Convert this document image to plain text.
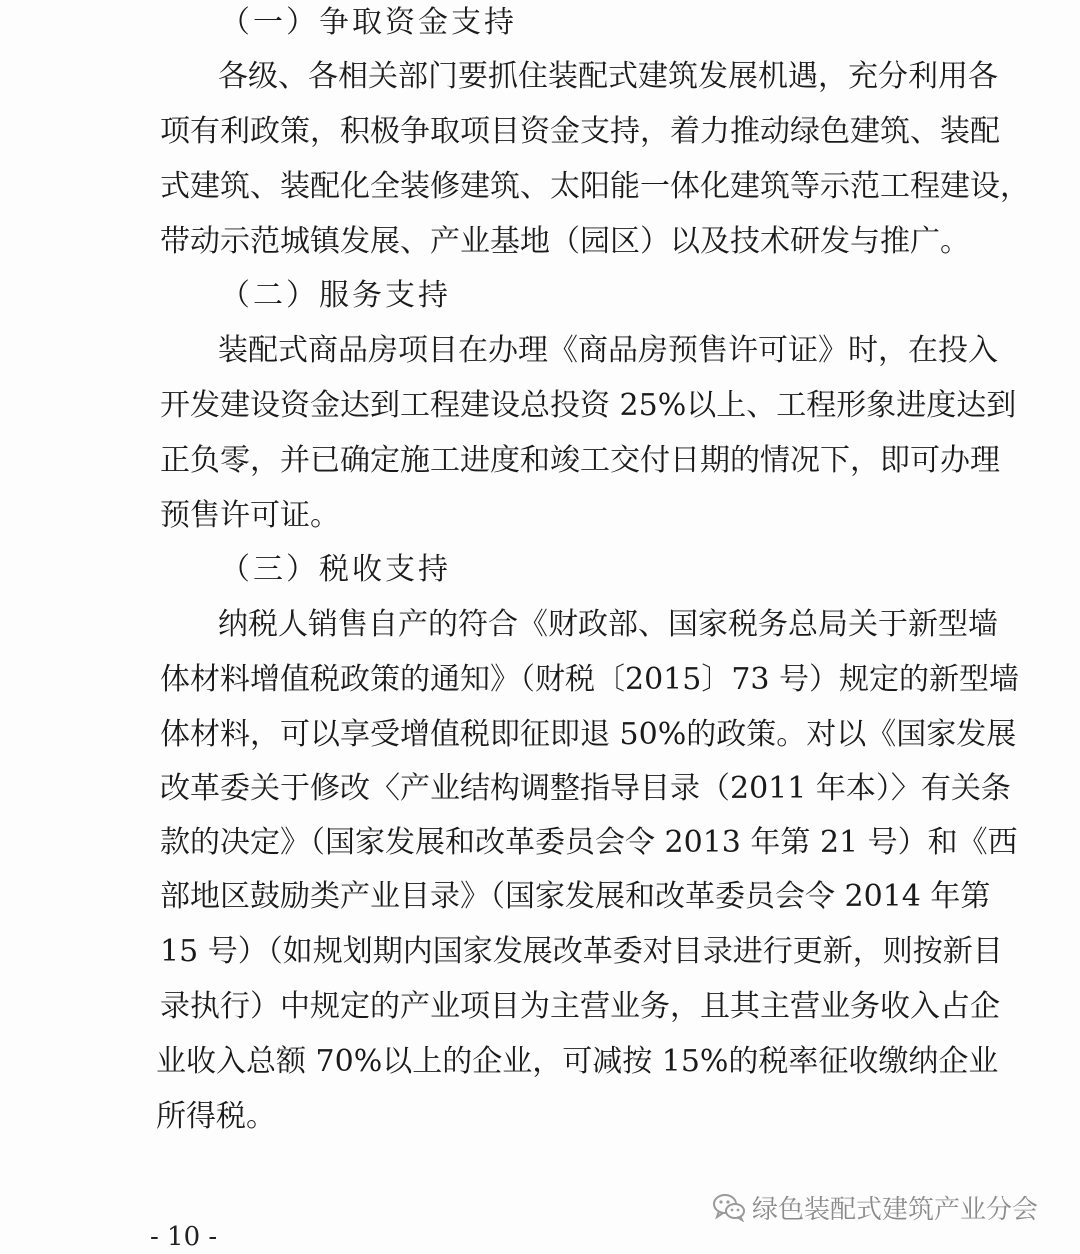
（一）争取资金支持
各级、各相关部门要抓住装配式建筑发展机遇，充分利用各
项有利政策，积极争取项目资金支持，着力推动绿色建筑、装配
式建筑、装配化全装修建筑、太阳能一体化建筑等示范工程建设，
带动示范城镇发展、产业基地（园区）以及技术研发与推广。
（二）服务支持
装配式商品房项目在办理《商品房预售许可证》时，在投入
开发建设资金达到工程建设总投资 25%以上、工程形象进度达到
正负零，并已确定施工进度和竣工交付日期的情况下，即可办理
预售许可证。
（三）税收支持
纳税人销售自产的符合《财政部、国家税务总局关于新型墙
体材料增值税政策的通知》（财税〔2015〕73 号）规定的新型墙
体材料，可以享受增值税即征即退 50%的政策。对以《国家发展
改革委关于修改〈产业结构调整指导目录（2011 年本）〉有关条
款的决定》（国家发展和改革委员会令 2013 年第 21 号）和《西
部地区鼓励类产业目录》（国家发展和改革委员会令 2014 年第
15 号）（如规划期内国家发展改革委对目录进行更新，则按新目
录执行）中规定的产业项目为主营业务，且其主营业务收入占企
业收入总额 70%以上的企业，可减按 15%的税率征收缴纳企业
所得税。
绿色装配式建筑产业分会
- 10 -
